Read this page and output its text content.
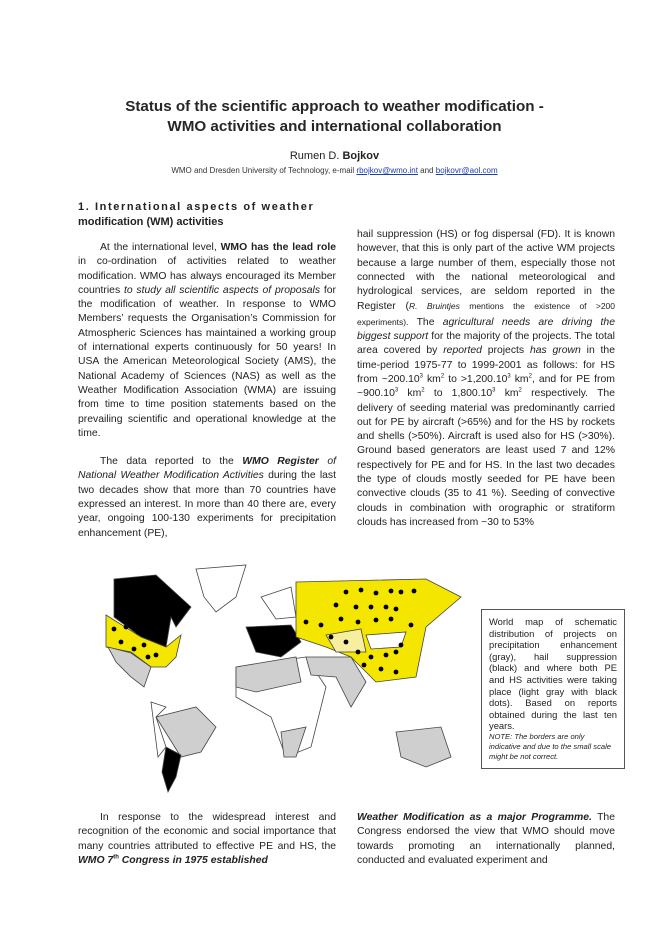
Status of the scientific approach to weather modification -
WMO activities and international collaboration
Rumen D. Bojkov
WMO and Dresden University of Technology, e-mail rbojkov@wmo.int and bojkovr@aol.com
1. International aspects of weather
modification (WM) activities

At the international level, WMO has the lead role in co-ordination of activities related to weather modification. WMO has always encouraged its Member countries to study all scientific aspects of proposals for the modification of weather. In response to WMO Members’ requests the Organisation’s Commission for Atmospheric Sciences has maintained a working group of international experts continuously for 50 years! In USA the American Meteorological Society (AMS), the National Academy of Sciences (NAS) as well as the Weather Modification Association (WMA) are issuing from time to time position statements based on the prevailing scientific and operational knowledge at the time.

The data reported to the WMO Register of National Weather Modification Activities during the last two decades show that more than 70 countries have expressed an interest. In more than 40 there are, every year, ongoing 100-130 experiments for precipitation enhancement (PE),

hail suppression (HS) or fog dispersal (FD). It is known however, that this is only part of the active WM projects because a large number of them, especially those not connected with the national meteorological and hydrological services, are seldom reported in the Register (R. Bruintjes mentions the existence of >200 experiments). The agricultural needs are driving the biggest support for the majority of the projects. The total area covered by reported projects has grown in the time-period 1975-77 to 1999-2001 as follows: for HS from ~200.10$^3$ $km^2$ to $>1,200.10^3$ $km^2$, and for PE from ~900.10$^3$ $km^2$ to 1,800.10$^3$ $km^2$ respectively. The delivery of seeding material was predominantly carried out for PE by aircraft (>65%) and for the HS by rockets and shells (>50%). Aircraft is used also for HS (>30%). Ground based generators are least used 7 and 12% respectively for PE and for HS. In the last two decades the type of clouds mostly seeded for PE have been convective clouds (35 to 41 %). Seeding of convective clouds in combination with orographic or stratiform clouds has increased from ~30 to 53%

World map of schematic distribution of projects on precipitation enhancement (gray), hail suppression (black) and where both PE and HS activities were taking place (light gray with black dots). Based on reports obtained during the last ten years.

NOTE: The borders are only indicative and due to the small scale might be not correct.

In response to the widespread interest and recognition of the economic and social importance that many countries attributed to effective PE and HS, the WMO 7th Congress in 1975 established

Weather Modification as a major Programme. The Congress endorsed the view that WMO should move towards promoting an internationally planned, conducted and evaluated experiment and
